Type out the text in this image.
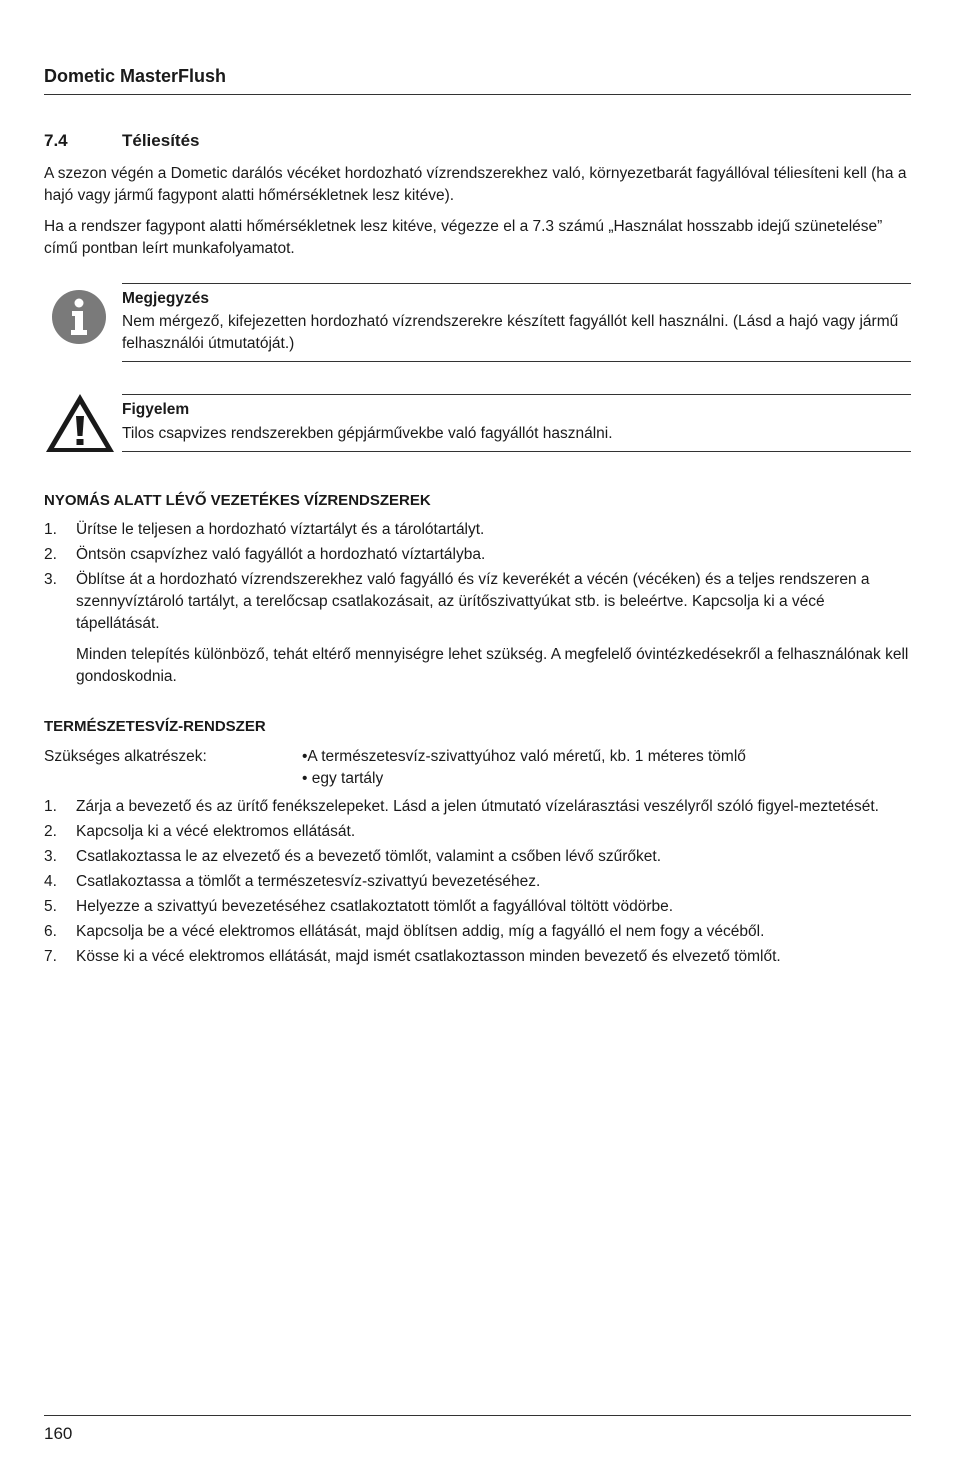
Dometic MasterFlush
7.4	Téliesítés
A szezon végén a Dometic darálós vécéket hordozható vízrendszerekhez való, környezetbarát fagyállóval téliesíteni kell (ha a hajó vagy jármű fagypont alatti hőmérsékletnek lesz kitéve).
Ha a rendszer fagypont alatti hőmérsékletnek lesz kitéve, végezze el a 7.3 számú „Használat hosszabb idejű szünetelése” című pontban leírt munkafolyamatot.
Megjegyzés
Nem mérgező, kifejezetten hordozható vízrendszerekre készített fagyállót kell használni. (Lásd a hajó vagy jármű felhasználói útmutatóját.)
Figyelem
Tilos csapvizes rendszerekben gépjárművekbe való fagyállót használni.
NYOMÁS ALATT LÉVŐ VEZETÉKES VÍZRENDSZEREK
1. Ürítse le teljesen a hordozható víztartályt és a tárolótartályt.
2. Öntsön csapvízhez való fagyállót a hordozható víztartályba.
3. Öblítse át a hordozható vízrendszerekhez való fagyálló és víz keverékét a vécén (vécéken) és a teljes rendszeren a szennyvíztároló tartályt, a terelőcsap csatlakozásait, az ürítőszivattyúkat stb. is beleértve. Kapcsolja ki a vécé tápellátását.
Minden telepítés különböző, tehát eltérő mennyiségre lehet szükség. A megfelelő óvintézkedésekről a felhasználónak kell gondoskodnia.
TERMÉSZETESVÍZ-RENDSZER
Szükséges alkatrészek:	•A természetesvíz-szivattyúhoz való méretű, kb. 1 méteres tömlő
• egy tartály
1. Zárja a bevezető és az ürítő fenékszelepeket. Lásd a jelen útmutató vízelárasztási veszélyről szóló figyel-meztetését.
2. Kapcsolja ki a vécé elektromos ellátását.
3. Csatlakoztassa le az elvezető és a bevezető tömlőt, valamint a csőben lévő szűrőket.
4. Csatlakoztassa a tömlőt a természetesvíz-szivattyú bevezetéséhez.
5. Helyezze a szivattyú bevezetéséhez csatlakoztatott tömlőt a fagyállóval töltött vödörbe.
6. Kapcsolja be a vécé elektromos ellátását, majd öblítsen addig, míg a fagyálló el nem fogy a vécéből.
7. Kösse ki a vécé elektromos ellátását, majd ismét csatlakoztasson minden bevezető és elvezető tömlőt.
160
